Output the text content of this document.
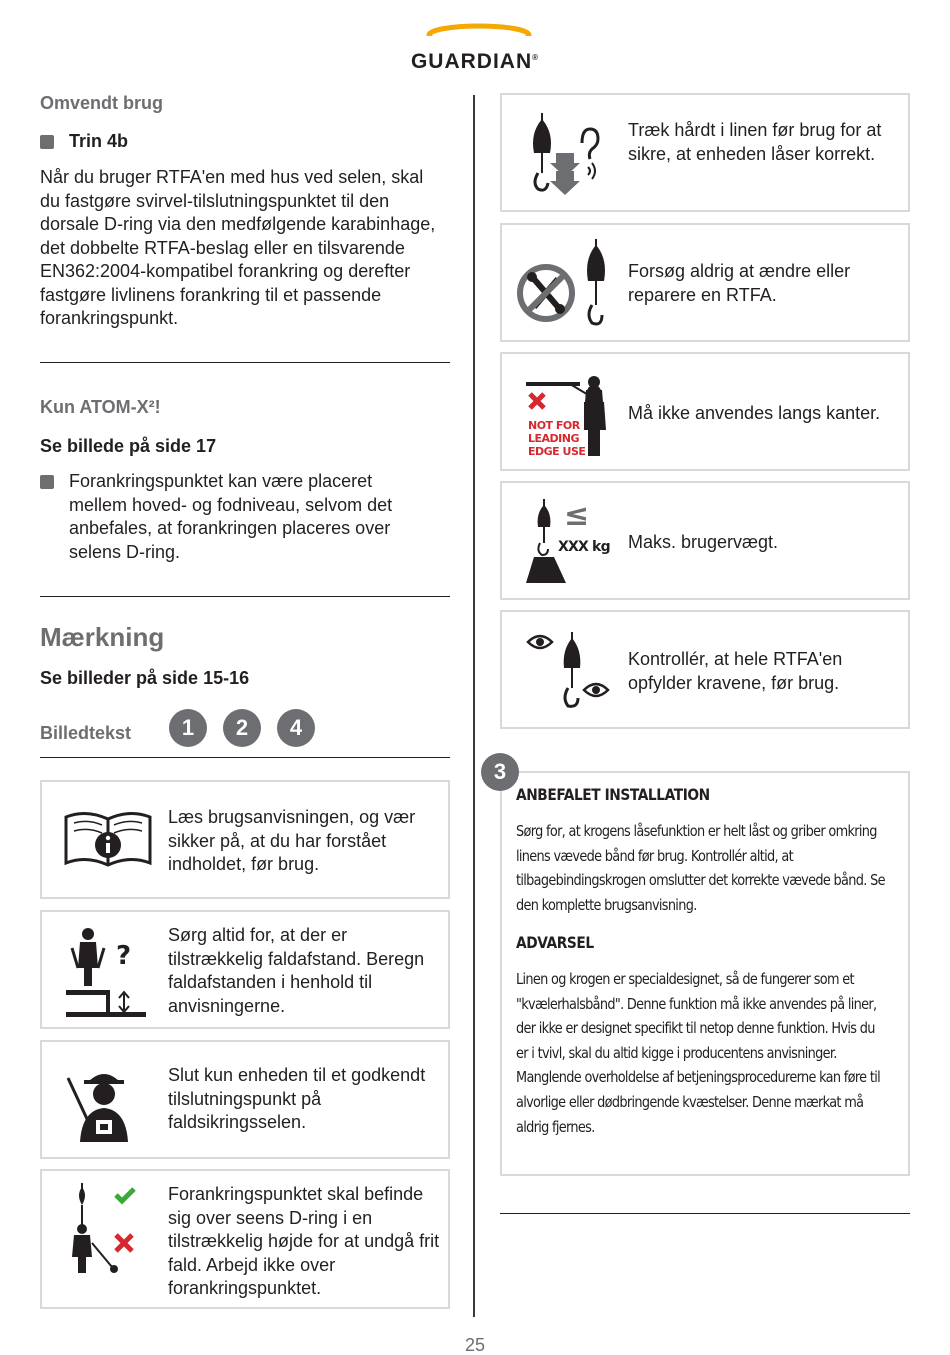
GUARDIAN®
Omvendt brug
Trin 4b
Når du bruger RTFA'en med hus ved selen, skal du fastgøre svirvel-tilslutningspunktet til den dorsale D-ring via den medfølgende karabinhage, det dobbelte RTFA-beslag eller en tilsvarende EN362:2004-kompatibel forankring og derefter fastgøre livlinens forankring til et passende forankringspunkt.
Kun ATOM-X²!
Se billede på side 17
Forankringspunktet kan være placeret mellem hoved- og fodniveau, selvom det anbefales, at forankringen placeres over selens D-ring.
Mærkning
Se billeder på side 15-16
Billedtekst	1	2	4
Læs brugsanvisningen, og vær sikker på, at du har forstået indholdet, før brug.
?
Sørg altid for, at der er tilstrækkelig faldafstand. Beregn faldafstanden i henhold til anvisningerne.
Slut kun enheden til et godkendt tilslutningspunkt på faldsikringsselen.
Forankringspunktet skal befinde sig over seens D-ring i en tilstrækkelig højde for at undgå frit fald. Arbejd ikke over forankringspunktet.
Træk hårdt i linen før brug for at sikre, at enheden låser korrekt.
Forsøg aldrig at ændre eller reparere en RTFA.
NOT FOR
LEADING
EDGE USE
Må ikke anvendes langs kanter.
≤
XXX kg Maks. brugervægt.
Kontrollér, at hele RTFA'en opfylder kravene, før brug.
ANBEFALET INSTALLATION
Sørg for, at krogens låsefunktion er helt låst og griber omkring linens vævede bånd før brug. Kontrollér altid, at tilbagebindingskrogen omslutter det korrekte vævede bånd. Se den komplette brugsanvisning.
ADVARSEL
Linen og krogen er specialdesignet, så de fungerer som et "kvælerhalsbånd". Denne funktion må ikke anvendes på liner, der ikke er designet specifikt til netop denne funktion. Hvis du er i tvivl, skal du altid kigge i producentens anvisninger. Manglende overholdelse af betjeningsprocedurerne kan føre til alvorlige eller dødbringende kvæstelser. Denne mærkat må aldrig fjernes.
3
25
